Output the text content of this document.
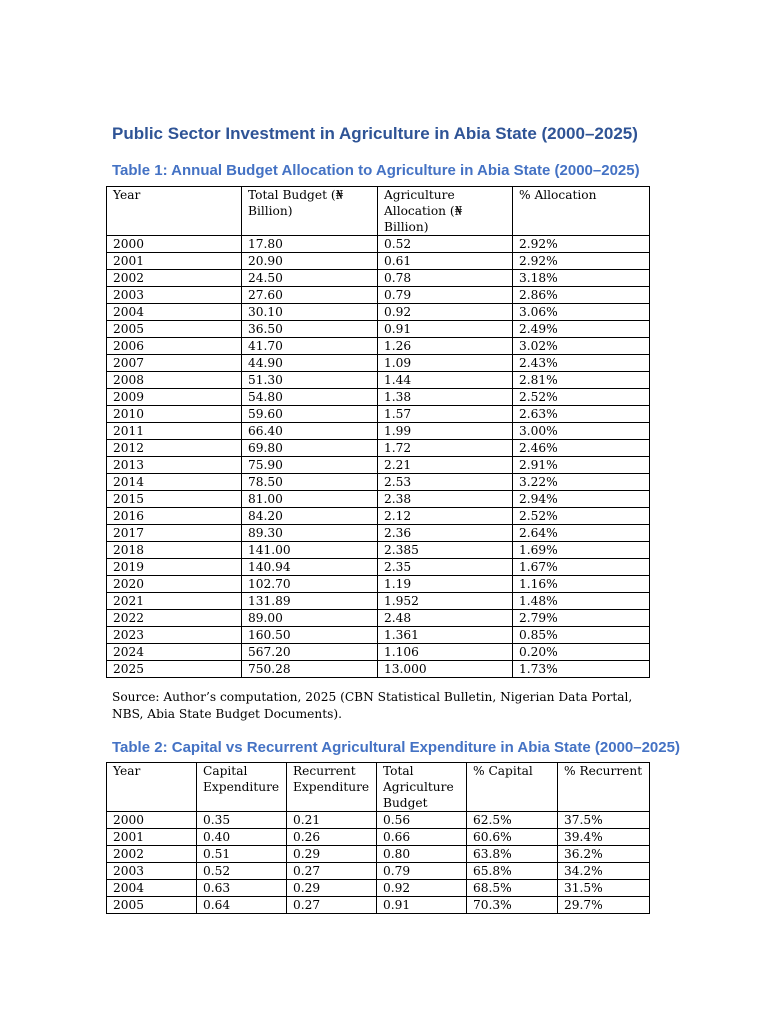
Public Sector Investment in Agriculture in Abia State (2000–2025)
Table 1: Annual Budget Allocation to Agriculture in Abia State (2000–2025)
Year	Total Budget (₦ Billion)	Agriculture Allocation (₦ Billion)	% Allocation
2000	17.80	0.52	2.92%
2001	20.90	0.61	2.92%
2002	24.50	0.78	3.18%
2003	27.60	0.79	2.86%
2004	30.10	0.92	3.06%
2005	36.50	0.91	2.49%
2006	41.70	1.26	3.02%
2007	44.90	1.09	2.43%
2008	51.30	1.44	2.81%
2009	54.80	1.38	2.52%
2010	59.60	1.57	2.63%
2011	66.40	1.99	3.00%
2012	69.80	1.72	2.46%
2013	75.90	2.21	2.91%
2014	78.50	2.53	3.22%
2015	81.00	2.38	2.94%
2016	84.20	2.12	2.52%
2017	89.30	2.36	2.64%
2018	141.00	2.385	1.69%
2019	140.94	2.35	1.67%
2020	102.70	1.19	1.16%
2021	131.89	1.952	1.48%
2022	89.00	2.48	2.79%
2023	160.50	1.361	0.85%
2024	567.20	1.106	0.20%
2025	750.28	13.000	1.73%
Source: Author’s computation, 2025 (CBN Statistical Bulletin, Nigerian Data Portal, NBS, Abia State Budget Documents).
Table 2: Capital vs Recurrent Agricultural Expenditure in Abia State (2000–2025)
Year	Capital Expenditure	Recurrent Expenditure	Total Agriculture Budget	% Capital	% Recurrent
2000	0.35	0.21	0.56	62.5%	37.5%
2001	0.40	0.26	0.66	60.6%	39.4%
2002	0.51	0.29	0.80	63.8%	36.2%
2003	0.52	0.27	0.79	65.8%	34.2%
2004	0.63	0.29	0.92	68.5%	31.5%
2005	0.64	0.27	0.91	70.3%	29.7%
